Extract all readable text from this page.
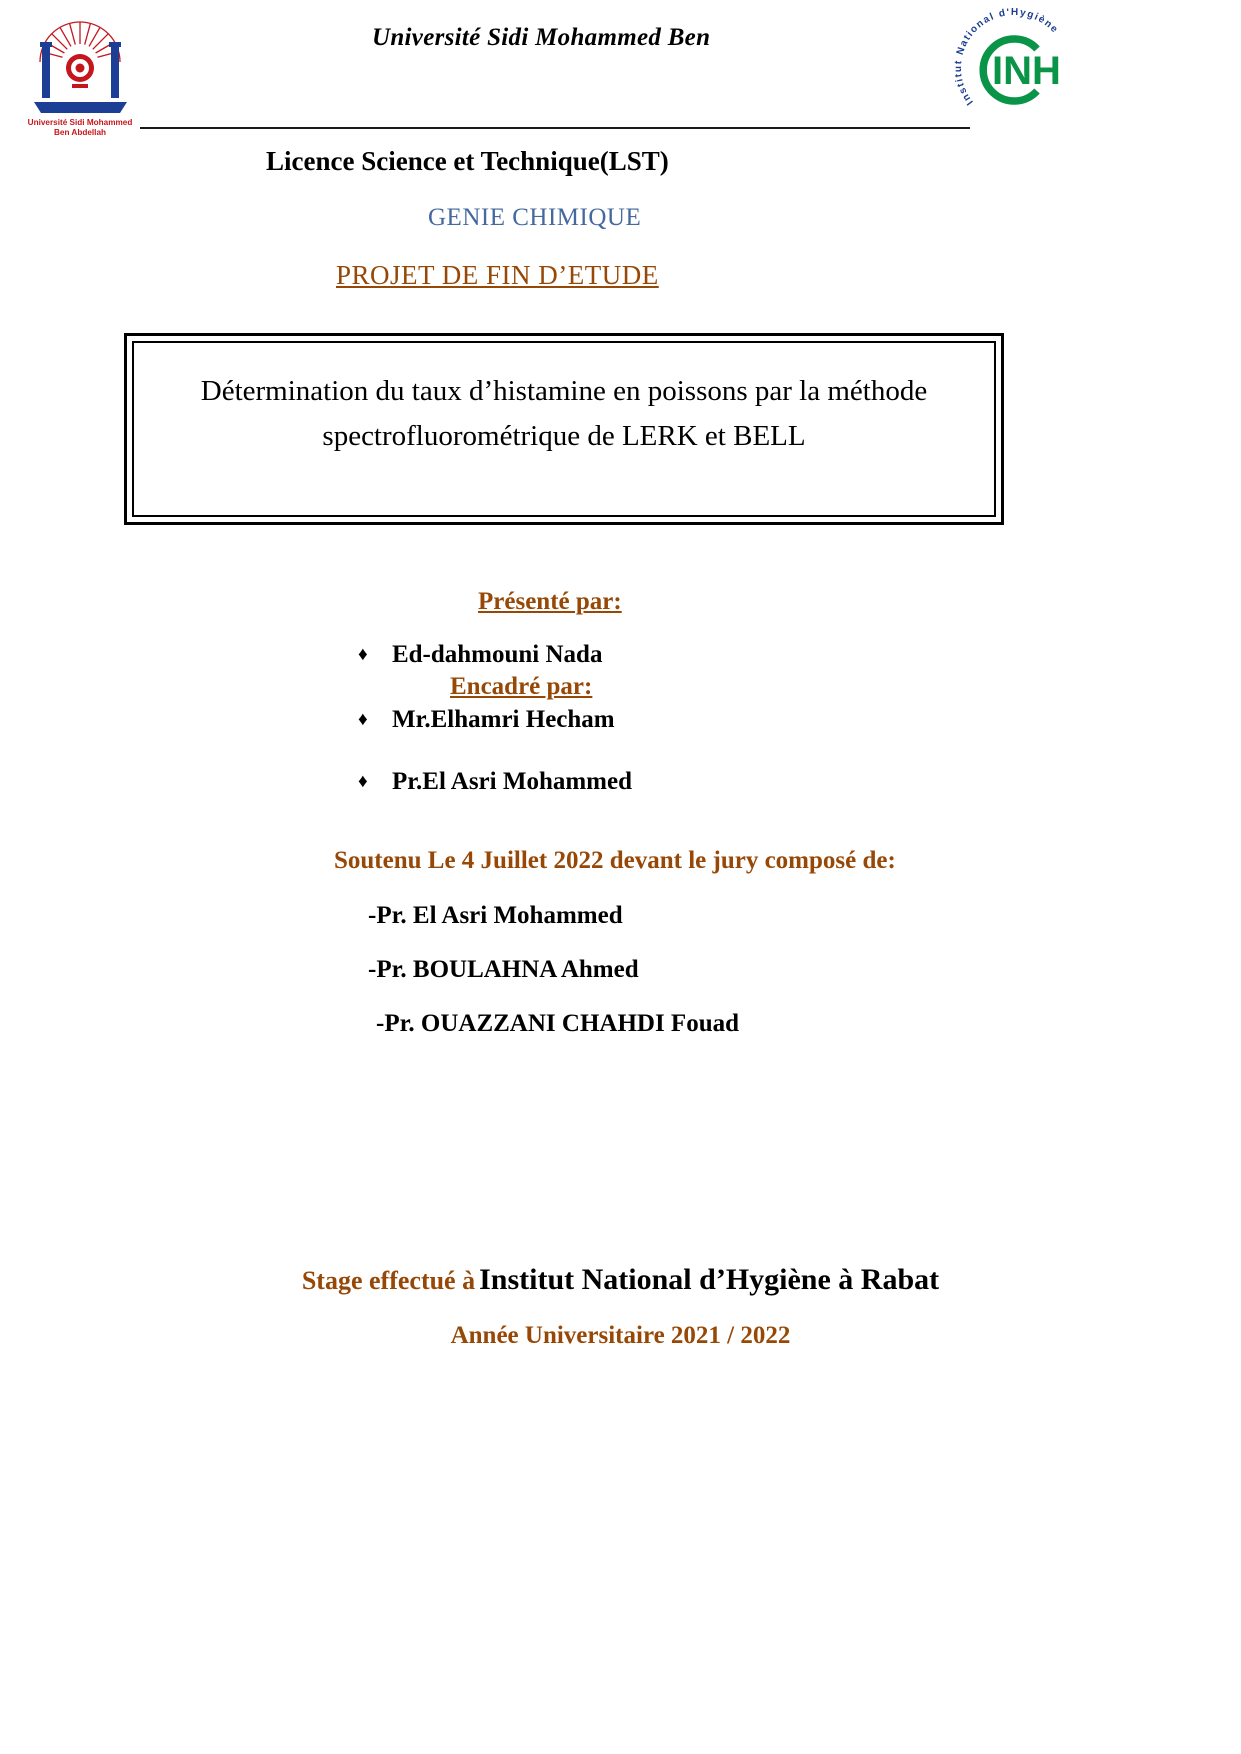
Université Sidi Mohammed
Ben Abdellah
Université Sidi Mohammed Ben
Institut National d'Hygiène
INH
Licence Science et Technique(LST)
GENIE CHIMIQUE
PROJET DE FIN D’ETUDE
Détermination du taux d’histamine en poissons par la méthode
spectrofluorométrique de LERK et BELL
Présenté par:
♦ Ed-dahmouni Nada
Encadré par:
♦ Mr.Elhamri Hecham
♦ Pr.El Asri Mohammed
Soutenu Le 4 Juillet 2022 devant le jury composé de:
-Pr. El Asri Mohammed
-Pr. BOULAHNA Ahmed
-Pr. OUAZZANI CHAHDI Fouad
Stage effectué à Institut National d’Hygiène à Rabat
Année Universitaire 2021 / 2022
